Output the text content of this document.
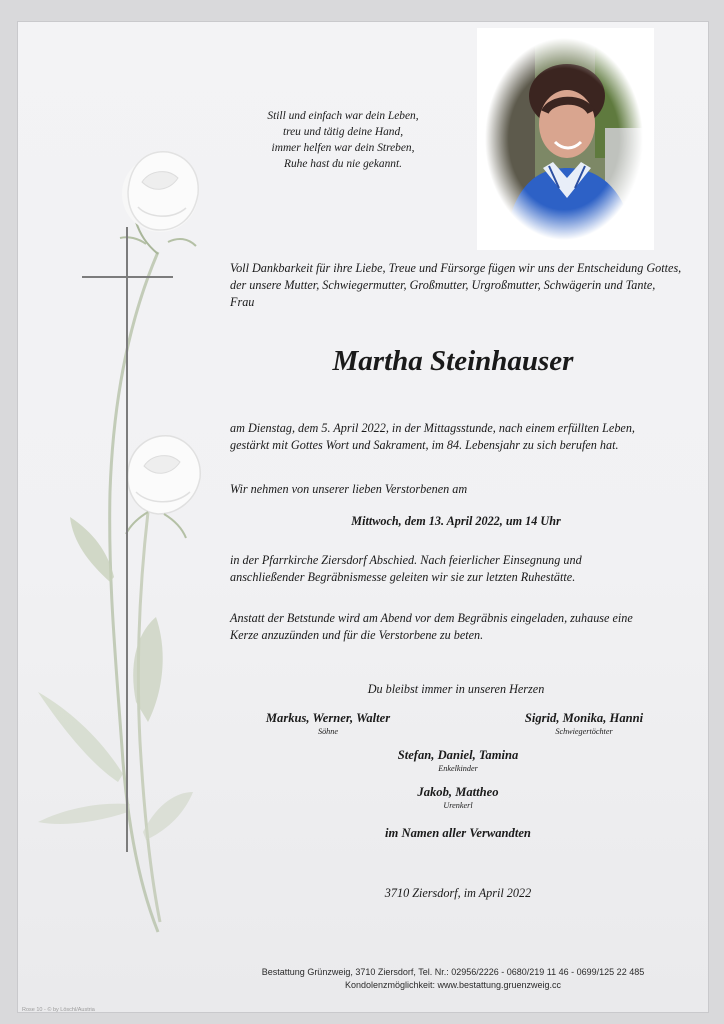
Still und einfach war dein Leben,
treu und tätig deine Hand,
immer helfen war dein Streben,
Ruhe hast du nie gekannt.
Voll Dankbarkeit für ihre Liebe, Treue und Fürsorge fügen wir uns der Entscheidung Gottes, der unsere Mutter, Schwiegermutter, Großmutter, Urgroßmutter, Schwägerin und Tante, Frau
Martha Steinhauser
am Dienstag, dem 5. April 2022, in der Mittagsstunde, nach einem erfüllten Leben,
gestärkt mit Gottes Wort und Sakrament, im 84. Lebensjahr zu sich berufen hat.
Wir nehmen von unserer lieben Verstorbenen am
Mittwoch, dem 13. April 2022, um 14 Uhr
in der Pfarrkirche Ziersdorf Abschied. Nach feierlicher Einsegnung und
anschließender Begräbnismesse geleiten wir sie zur letzten Ruhestätte.
Anstatt der Betstunde wird am Abend vor dem Begräbnis eingeladen, zuhause eine
Kerze anzuzünden und für die Verstorbene zu beten.
Du bleibst immer in unseren Herzen
Markus, Werner, Walter
Söhne
Sigrid, Monika, Hanni
Schwiegertöchter
Stefan, Daniel, Tamina
Enkelkinder
Jakob, Mattheo
Urenkerl
im Namen aller Verwandten
3710 Ziersdorf, im April 2022
Bestattung Grünzweig, 3710 Ziersdorf, Tel. Nr.: 02956/2226 - 0680/219 11 46 - 0699/125 22 485
Kondolenzmöglichkeit: www.bestattung.gruenzweig.cc
Rose 10 - © by Löschl/Austria
